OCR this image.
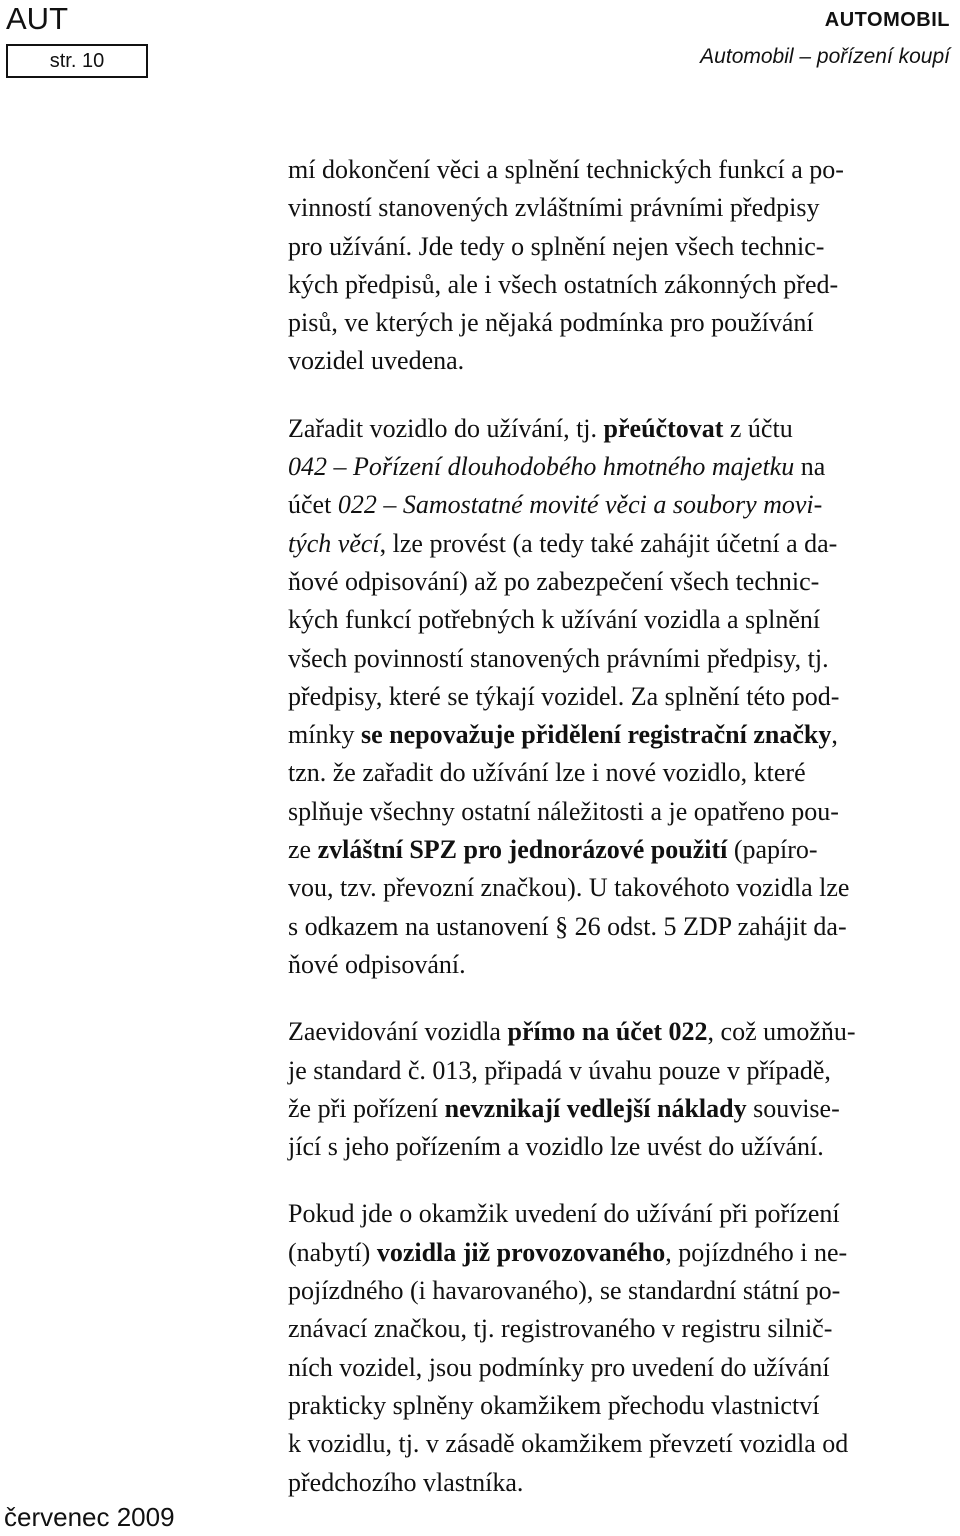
AUT
str. 10
AUTOMOBIL
Automobil – pořízení koupí

mí dokončení věci a splnění technických funkcí a po-
vinností stanovených zvláštními právními předpisy
pro užívání. Jde tedy o splnění nejen všech technic-
kých předpisů, ale i všech ostatních zákonných před-
pisů, ve kterých je nějaká podmínka pro používání
vozidel uvedena.

Zařadit vozidlo do užívání, tj. přeúčtovat z účtu
042 – Pořízení dlouhodobého hmotného majetku na
účet 022 – Samostatné movité věci a soubory movi-
tých věcí, lze provést (a tedy také zahájit účetní a da-
ňové odpisování) až po zabezpečení všech technic-
kých funkcí potřebných k užívání vozidla a splnění
všech povinností stanovených právními předpisy, tj.
předpisy, které se týkají vozidel. Za splnění této pod-
mínky se nepovažuje přidělení registrační značky,
tzn. že zařadit do užívání lze i nové vozidlo, které
splňuje všechny ostatní náležitosti a je opatřeno pou-
ze zvláštní SPZ pro jednorázové použití (papíro-
vou, tzv. převozní značkou). U takovéhoto vozidla lze
s odkazem na ustanovení § 26 odst. 5 ZDP zahájit da-
ňové odpisování.

Zaevidování vozidla přímo na účet 022, což umožňu-
je standard č. 013, připadá v úvahu pouze v případě,
že při pořízení nevznikají vedlejší náklady souvise-
jící s jeho pořízením a vozidlo lze uvést do užívání.

Pokud jde o okamžik uvedení do užívání při pořízení
(nabytí) vozidla již provozovaného, pojízdného i ne-
pojízdného (i havarovaného), se standardní státní po-
znávací značkou, tj. registrovaného v registru silnič-
ních vozidel, jsou podmínky pro uvedení do užívání
prakticky splněny okamžikem přechodu vlastnictví
k vozidlu, tj. v zásadě okamžikem převzetí vozidla od
předchozího vlastníka.

červenec 2009
